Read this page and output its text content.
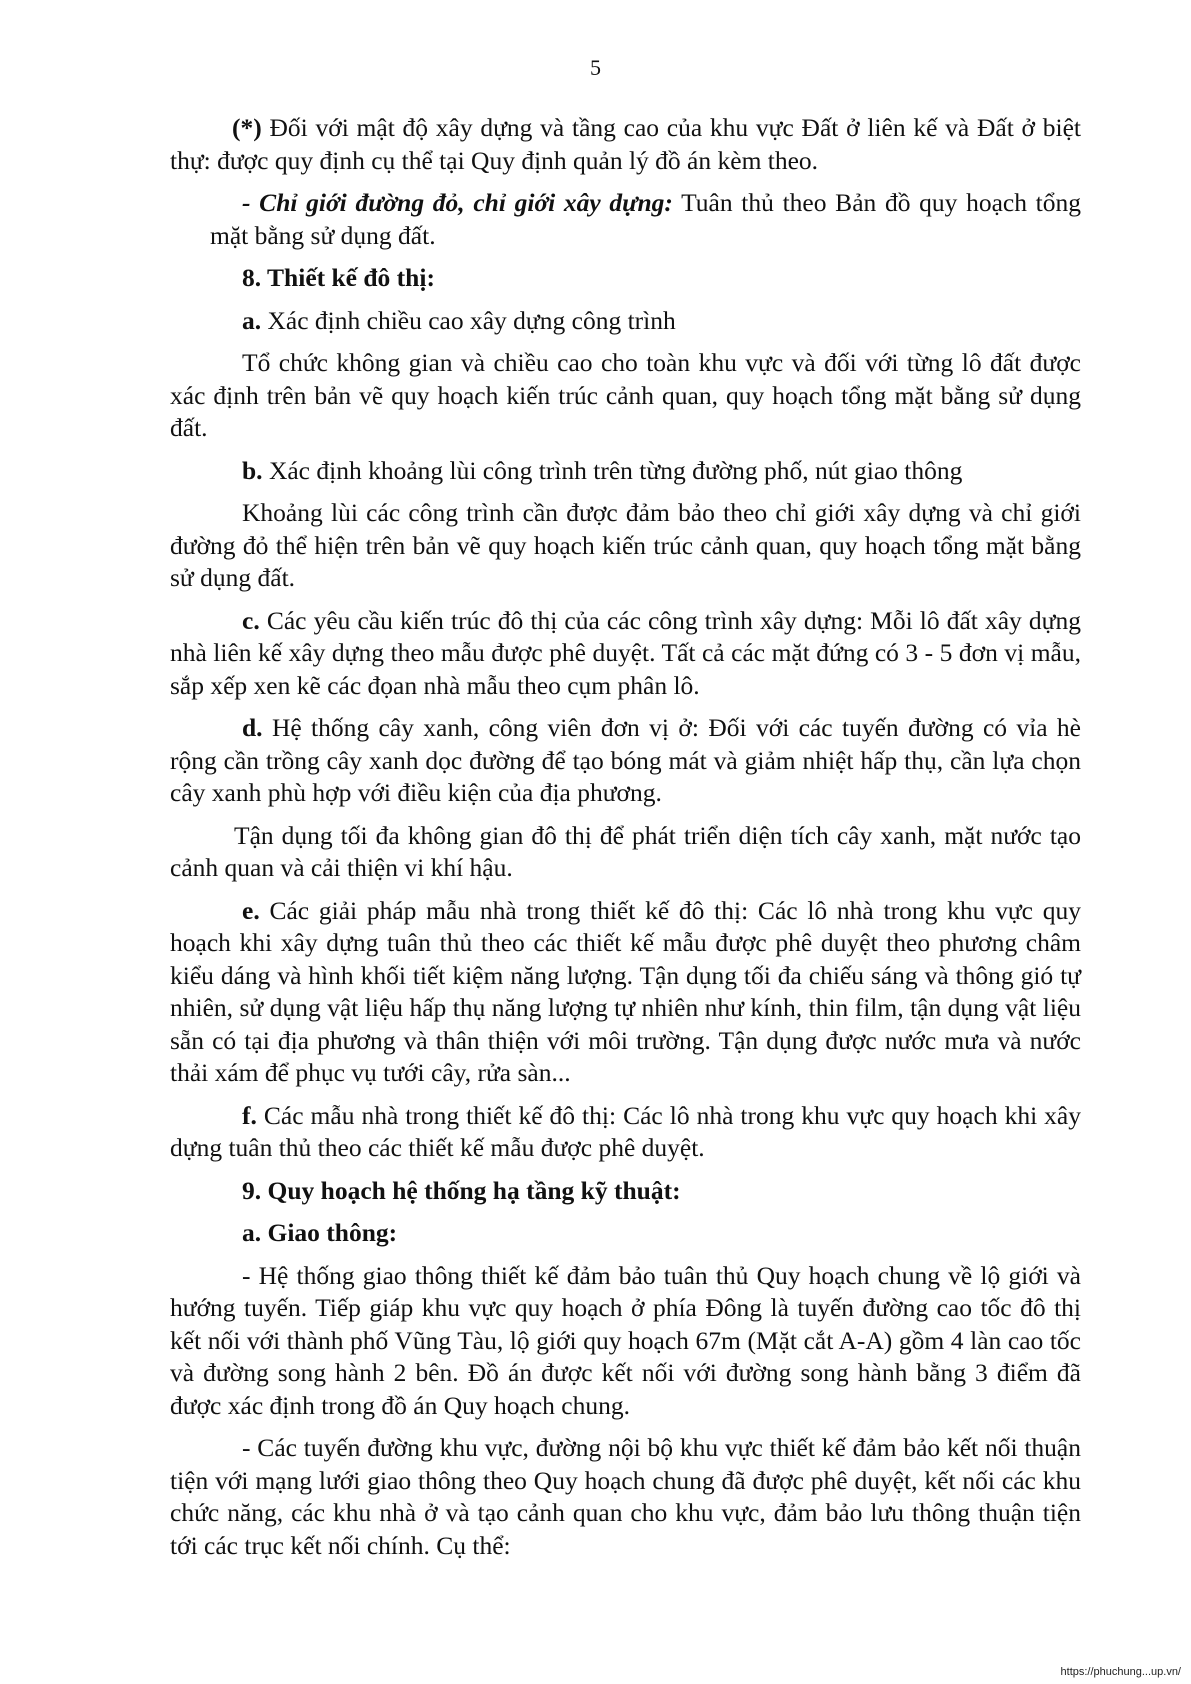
5

(*) Đối với mật độ xây dựng và tầng cao của khu vực Đất ở liên kế và Đất ở biệt thự: được quy định cụ thể tại Quy định quản lý đồ án kèm theo.

- Chỉ giới đường đỏ, chỉ giới xây dựng: Tuân thủ theo Bản đồ quy hoạch tổng mặt bằng sử dụng đất.

8. Thiết kế đô thị:

a. Xác định chiều cao xây dựng công trình

Tổ chức không gian và chiều cao cho toàn khu vực và đối với từng lô đất được xác định trên bản vẽ quy hoạch kiến trúc cảnh quan, quy hoạch tổng mặt bằng sử dụng đất.

b. Xác định khoảng lùi công trình trên từng đường phố, nút giao thông

Khoảng lùi các công trình cần được đảm bảo theo chỉ giới xây dựng và chỉ giới đường đỏ thể hiện trên bản vẽ quy hoạch kiến trúc cảnh quan, quy hoạch tổng mặt bằng sử dụng đất.

c. Các yêu cầu kiến trúc đô thị của các công trình xây dựng: Mỗi lô đất xây dựng nhà liên kế xây dựng theo mẫu được phê duyệt. Tất cả các mặt đứng có 3 - 5 đơn vị mẫu, sắp xếp xen kẽ các đọan nhà mẫu theo cụm phân lô.

d. Hệ thống cây xanh, công viên đơn vị ở: Đối với các tuyến đường có vỉa hè rộng cần trồng cây xanh dọc đường để tạo bóng mát và giảm nhiệt hấp thụ, cần lựa chọn cây xanh phù hợp với điều kiện của địa phương.

Tận dụng tối đa không gian đô thị để phát triển diện tích cây xanh, mặt nước tạo cảnh quan và cải thiện vi khí hậu.

e. Các giải pháp mẫu nhà trong thiết kế đô thị: Các lô nhà trong khu vực quy hoạch khi xây dựng tuân thủ theo các thiết kế mẫu được phê duyệt theo phương châm kiểu dáng và hình khối tiết kiệm năng lượng. Tận dụng tối đa chiếu sáng và thông gió tự nhiên, sử dụng vật liệu hấp thụ năng lượng tự nhiên như kính, thin film, tận dụng vật liệu sẵn có tại địa phương và thân thiện với môi trường. Tận dụng được nước mưa và nước thải xám để phục vụ tưới cây, rửa sàn...

f. Các mẫu nhà trong thiết kế đô thị: Các lô nhà trong khu vực quy hoạch khi xây dựng tuân thủ theo các thiết kế mẫu được phê duyệt.

9. Quy hoạch hệ thống hạ tầng kỹ thuật:

a. Giao thông:

- Hệ thống giao thông thiết kế đảm bảo tuân thủ Quy hoạch chung về lộ giới và hướng tuyến. Tiếp giáp khu vực quy hoạch ở phía Đông là tuyến đường cao tốc đô thị kết nối với thành phố Vũng Tàu, lộ giới quy hoạch 67m (Mặt cắt A-A) gồm 4 làn cao tốc và đường song hành 2 bên. Đồ án được kết nối với đường song hành bằng 3 điểm đã được xác định trong đồ án Quy hoạch chung.

- Các tuyến đường khu vực, đường nội bộ khu vực thiết kế đảm bảo kết nối thuận tiện với mạng lưới giao thông theo Quy hoạch chung đã được phê duyệt, kết nối các khu chức năng, các khu nhà ở và tạo cảnh quan cho khu vực, đảm bảo lưu thông thuận tiện tới các trục kết nối chính. Cụ thể:

https://phuchung...up.vn/
